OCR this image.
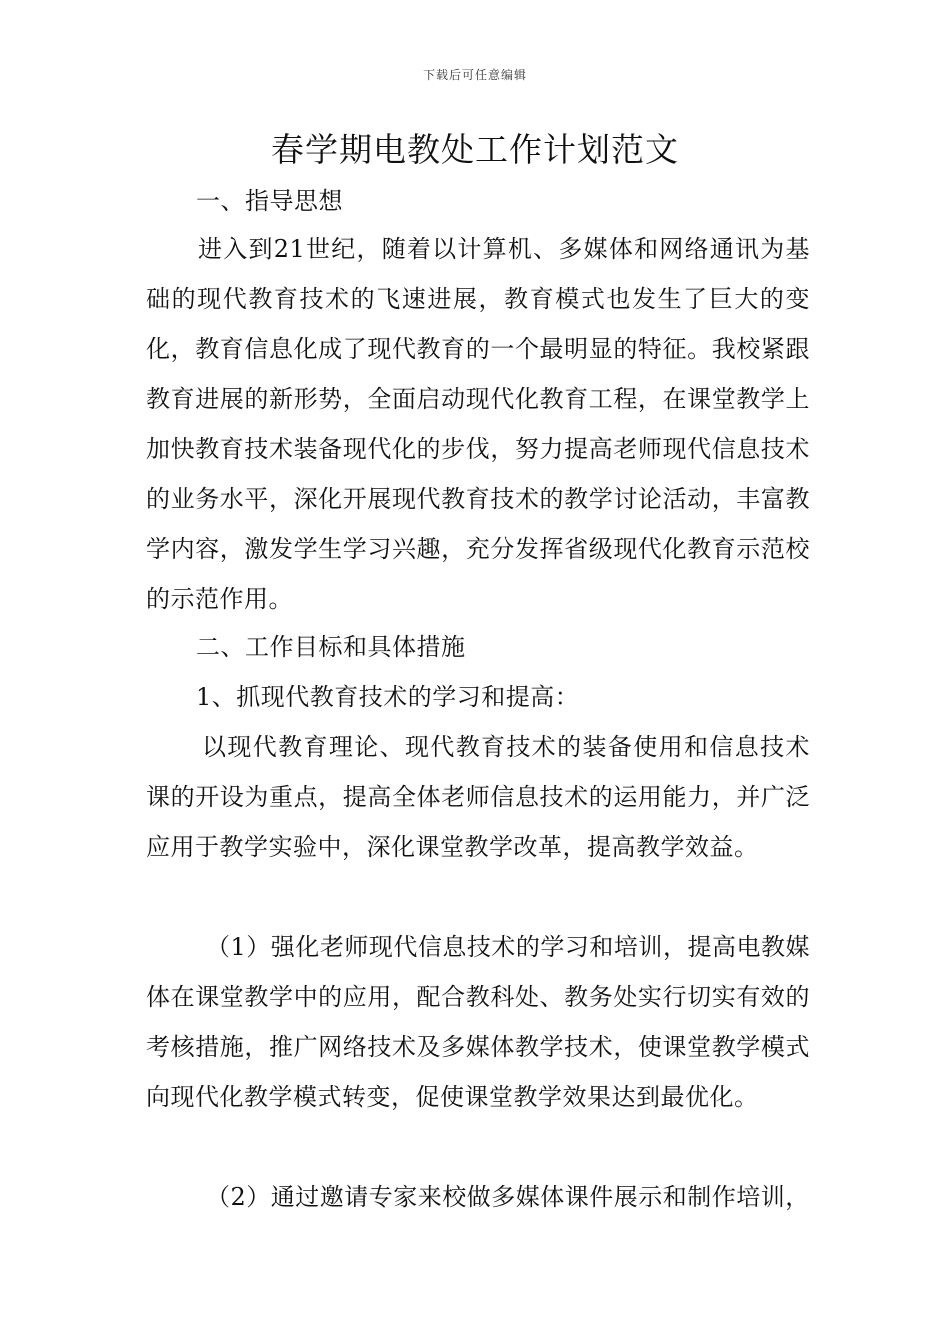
下载后可任意编辑
春学期电教处工作计划范文

一、指导思想

进入到21世纪，随着以计算机、多媒体和网络通讯为基础的现代教育技术的飞速进展，教育模式也发生了巨大的变化，教育信息化成了现代教育的一个最明显的特征。我校紧跟教育进展的新形势，全面启动现代化教育工程，在课堂教学上加快教育技术装备现代化的步伐，努力提高老师现代信息技术的业务水平，深化开展现代教育技术的教学讨论活动，丰富教学内容，激发学生学习兴趣，充分发挥省级现代化教育示范校的示范作用。

二、工作目标和具体措施

1、抓现代教育技术的学习和提高：

以现代教育理论、现代教育技术的装备使用和信息技术课的开设为重点，提高全体老师信息技术的运用能力，并广泛应用于教学实验中，深化课堂教学改革，提高教学效益。

（1）强化老师现代信息技术的学习和培训，提高电教媒体在课堂教学中的应用，配合教科处、教务处实行切实有效的考核措施，推广网络技术及多媒体教学技术，使课堂教学模式向现代化教学模式转变，促使课堂教学效果达到最优化。

（2）通过邀请专家来校做多媒体课件展示和制作培训，
